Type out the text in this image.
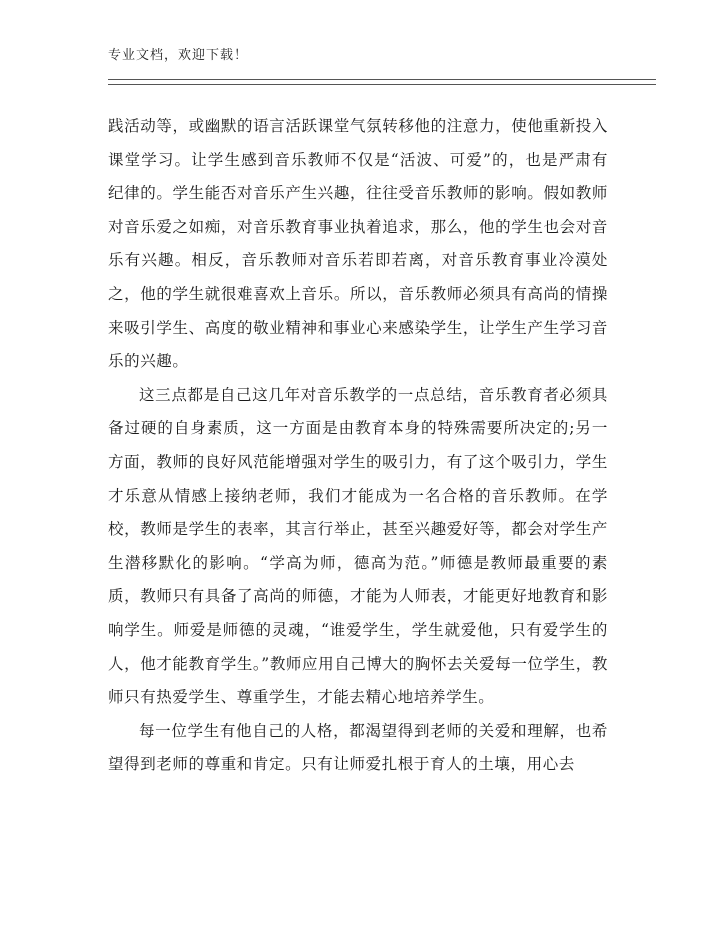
专业文档，欢迎下载！

践活动等，或幽默的语言活跃课堂气氛转移他的注意力，使他重新投入课堂学习。让学生感到音乐教师不仅是“活波、可爱”的，也是严肃有纪律的。学生能否对音乐产生兴趣，往往受音乐教师的影响。假如教师对音乐爱之如痴，对音乐教育事业执着追求，那么，他的学生也会对音乐有兴趣。相反，音乐教师对音乐若即若离，对音乐教育事业冷漠处之，他的学生就很难喜欢上音乐。所以，音乐教师必须具有高尚的情操来吸引学生、高度的敬业精神和事业心来感染学生，让学生产生学习音乐的兴趣。

这三点都是自己这几年对音乐教学的一点总结，音乐教育者必须具备过硬的自身素质，这一方面是由教育本身的特殊需要所决定的;另一方面，教师的良好风范能增强对学生的吸引力，有了这个吸引力，学生才乐意从情感上接纳老师，我们才能成为一名合格的音乐教师。在学校，教师是学生的表率，其言行举止，甚至兴趣爱好等，都会对学生产生潜移默化的影响。“学高为师，德高为范。”师德是教师最重要的素质，教师只有具备了高尚的师德，才能为人师表，才能更好地教育和影响学生。师爱是师德的灵魂，“谁爱学生，学生就爱他，只有爱学生的人，他才能教育学生。”教师应用自己博大的胸怀去关爱每一位学生，教师只有热爱学生、尊重学生，才能去精心地培养学生。

每一位学生有他自己的人格，都渴望得到老师的关爱和理解，也希望得到老师的尊重和肯定。只有让师爱扎根于育人的土壤，用心去
